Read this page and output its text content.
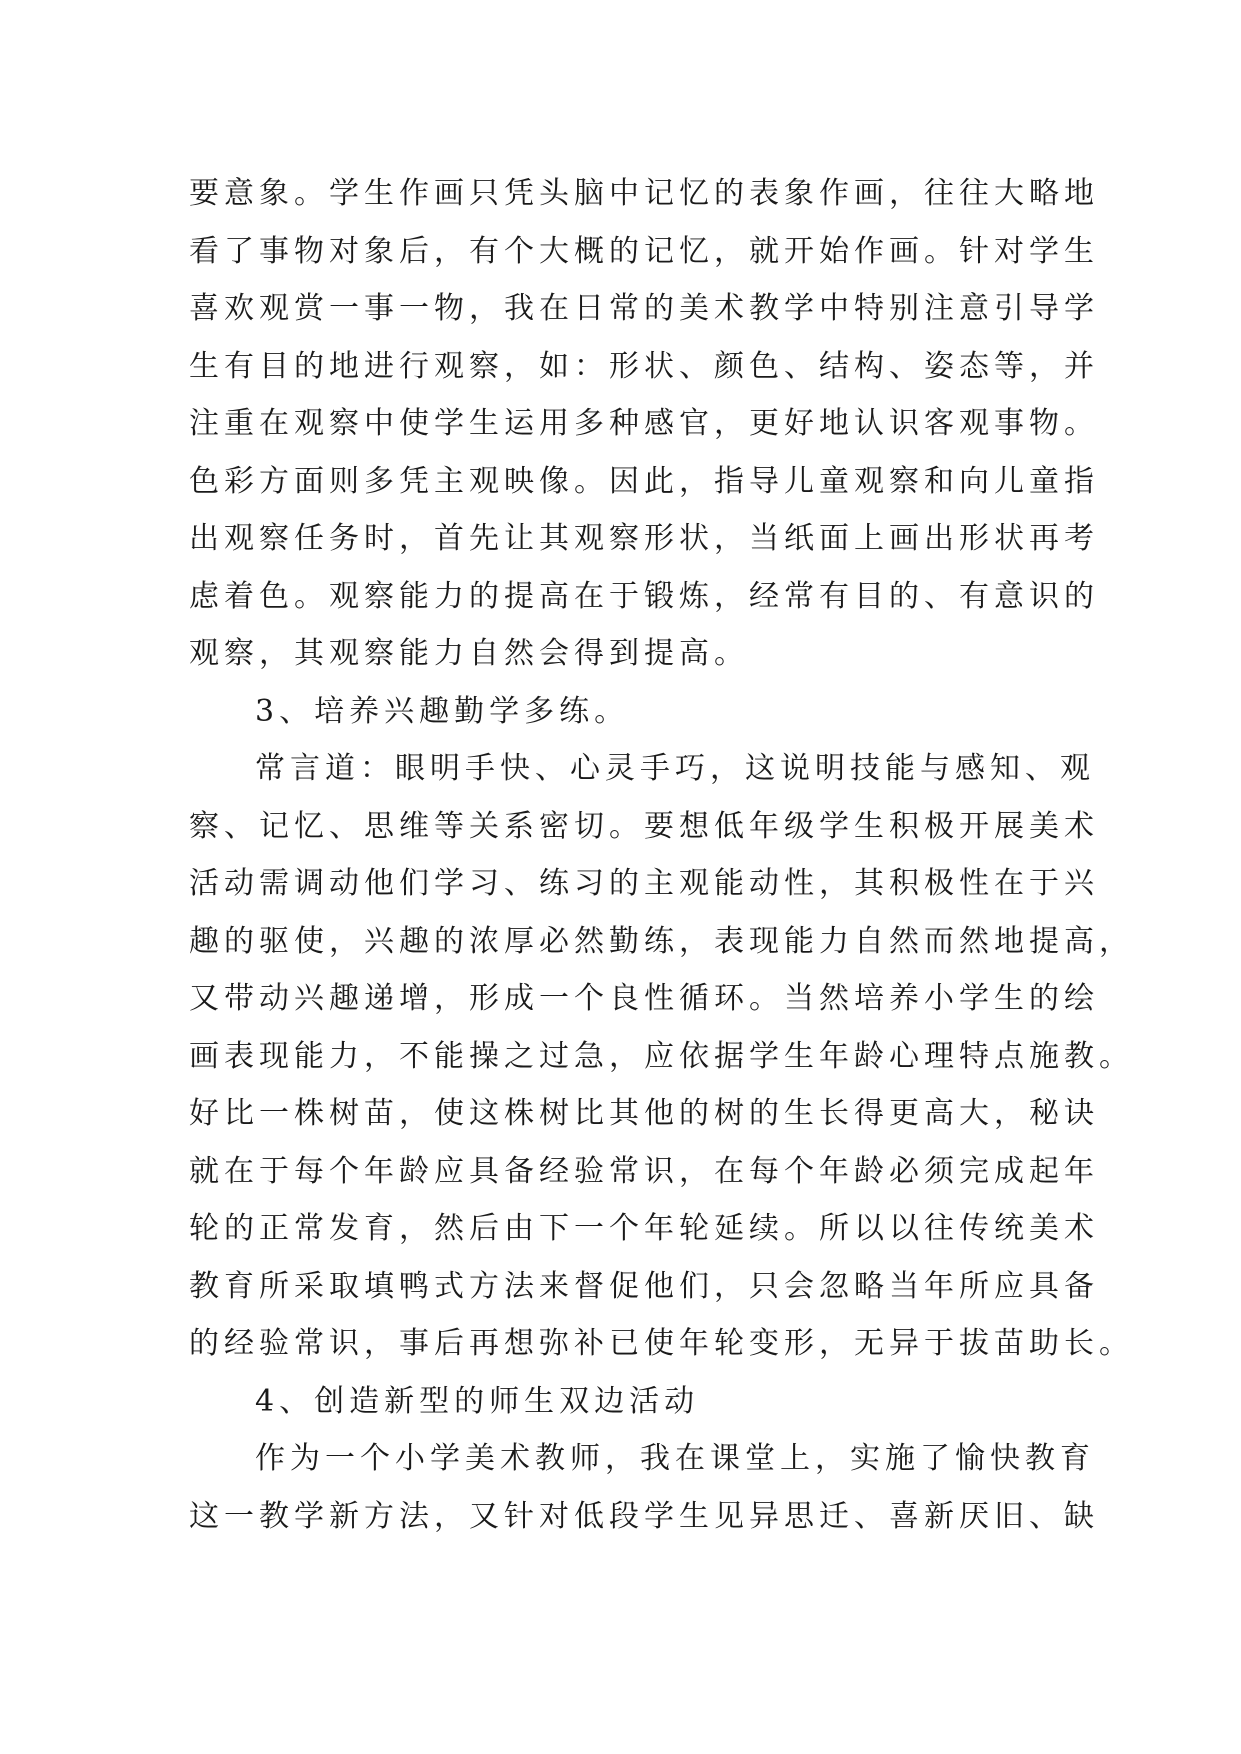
要意象。学生作画只凭头脑中记忆的表象作画，往往大略地
看了事物对象后，有个大概的记忆，就开始作画。针对学生
喜欢观赏一事一物，我在日常的美术教学中特别注意引导学
生有目的地进行观察，如：形状、颜色、结构、姿态等，并
注重在观察中使学生运用多种感官，更好地认识客观事物。
色彩方面则多凭主观映像。因此，指导儿童观察和向儿童指
出观察任务时，首先让其观察形状，当纸面上画出形状再考
虑着色。观察能力的提高在于锻炼，经常有目的、有意识的
观察，其观察能力自然会得到提高。
3、培养兴趣勤学多练。
常言道：眼明手快、心灵手巧，这说明技能与感知、观
察、记忆、思维等关系密切。要想低年级学生积极开展美术
活动需调动他们学习、练习的主观能动性，其积极性在于兴
趣的驱使，兴趣的浓厚必然勤练，表现能力自然而然地提高，
又带动兴趣递增，形成一个良性循环。当然培养小学生的绘
画表现能力，不能操之过急，应依据学生年龄心理特点施教。
好比一株树苗，使这株树比其他的树的生长得更高大，秘诀
就在于每个年龄应具备经验常识，在每个年龄必须完成起年
轮的正常发育，然后由下一个年轮延续。所以以往传统美术
教育所采取填鸭式方法来督促他们，只会忽略当年所应具备
的经验常识，事后再想弥补已使年轮变形，无异于拔苗助长。
4、创造新型的师生双边活动
作为一个小学美术教师，我在课堂上，实施了愉快教育
这一教学新方法，又针对低段学生见异思迁、喜新厌旧、缺
